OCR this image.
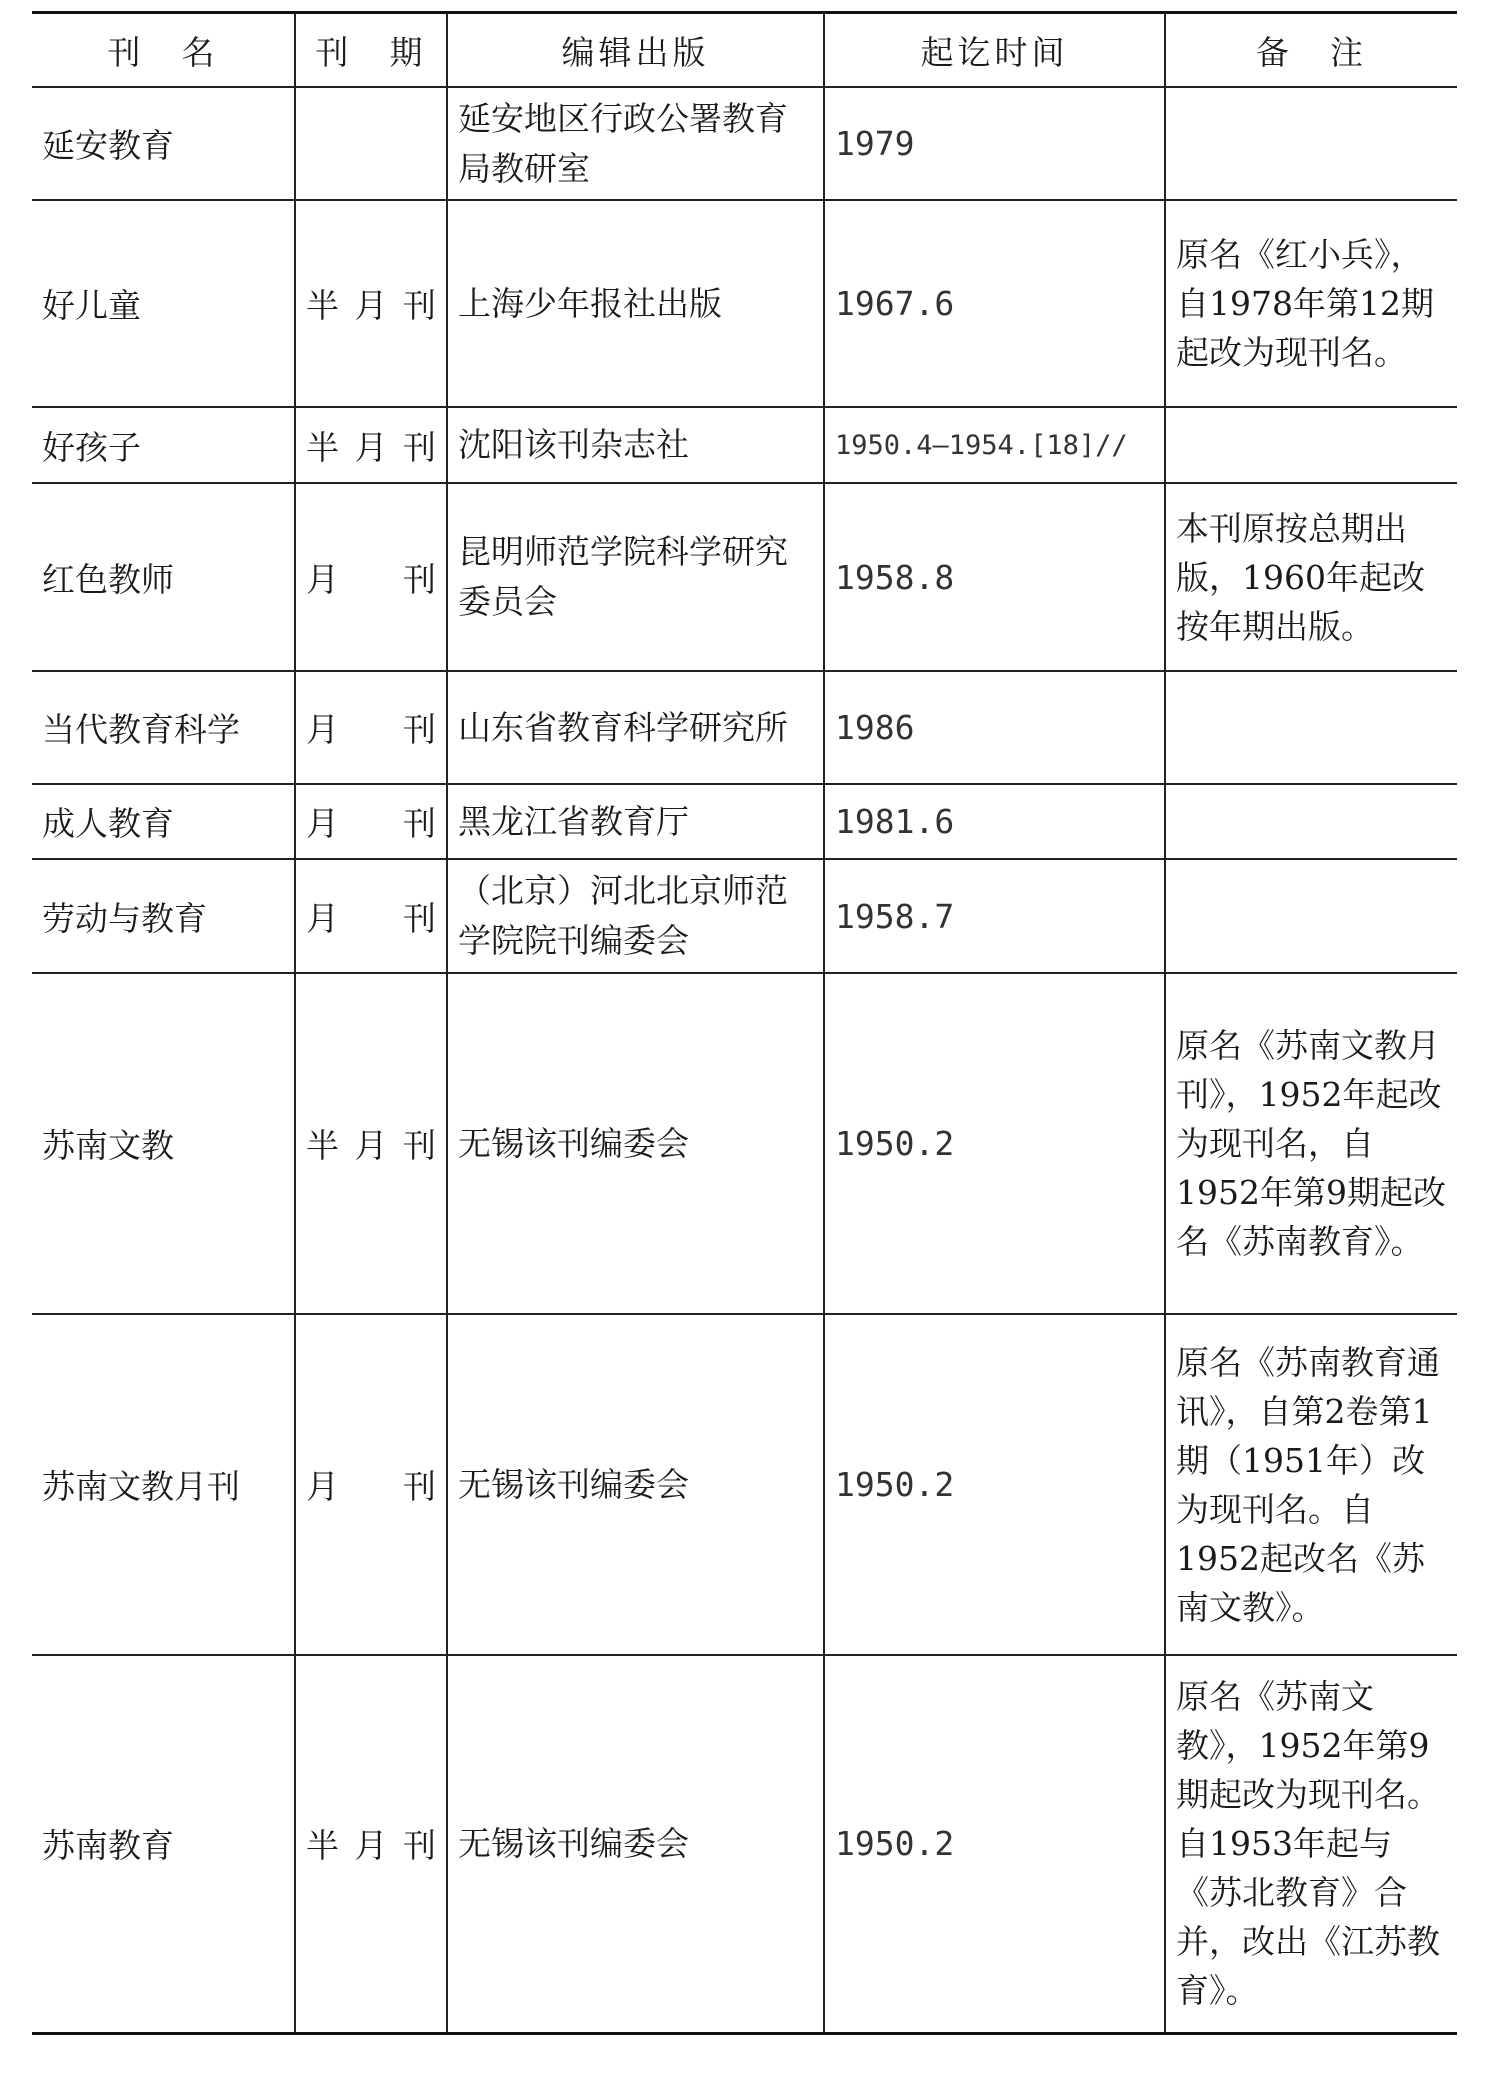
刊　名	刊　期	编辑出版	起讫时间	备　注
延安教育		延安地区行政公署教育局教研室	1979	
好儿童	半月刊	上海少年报社出版	1967.6	原名《红小兵》，自1978年第12期起改为现刊名。
好孩子	半月刊	沈阳该刊杂志社	1950.4—1954.[18]//	
红色教师	月　刊	昆明师范学院科学研究委员会	1958.8	本刊原按总期出版，1960年起改按年期出版。
当代教育科学	月　刊	山东省教育科学研究所	1986	
成人教育	月　刊	黑龙江省教育厅	1981.6	
劳动与教育	月　刊	（北京）河北北京师范学院院刊编委会	1958.7	
苏南文教	半月刊	无锡该刊编委会	1950.2	原名《苏南文教月刊》，1952年起改为现刊名，自1952年第9期起改名《苏南教育》。
苏南文教月刊	月　刊	无锡该刊编委会	1950.2	原名《苏南教育通讯》，自第2卷第1期（1951年）改为现刊名。自1952起改名《苏南文教》。
苏南教育	半月刊	无锡该刊编委会	1950.2	原名《苏南文教》，1952年第9期起改为现刊名。自1953年起与《苏北教育》合并，改出《江苏教育》。
